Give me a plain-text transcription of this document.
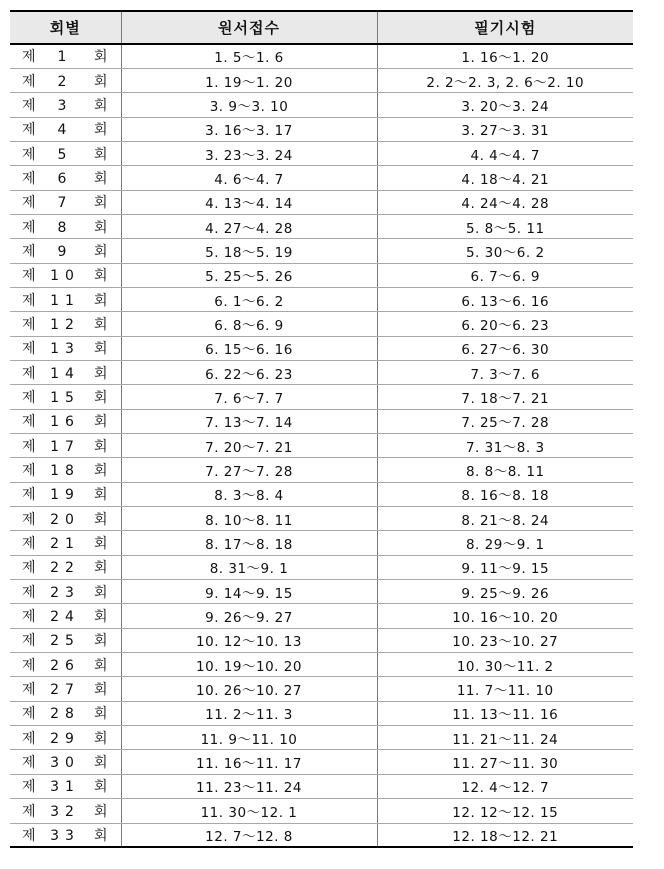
회별	원서접수	필기시험
제 1 회	1. 5～1. 6	1. 16～1. 20
제 2 회	1. 19～1. 20	2. 2～2. 3, 2. 6～2. 10
제 3 회	3. 9～3. 10	3. 20～3. 24
제 4 회	3. 16～3. 17	3. 27～3. 31
제 5 회	3. 23～3. 24	4. 4～4. 7
제 6 회	4. 6～4. 7	4. 18～4. 21
제 7 회	4. 13～4. 14	4. 24～4. 28
제 8 회	4. 27～4. 28	5. 8～5. 11
제 9 회	5. 18～5. 19	5. 30～6. 2
제 10 회	5. 25～5. 26	6. 7～6. 9
제 11 회	6. 1～6. 2	6. 13～6. 16
제 12 회	6. 8～6. 9	6. 20～6. 23
제 13 회	6. 15～6. 16	6. 27～6. 30
제 14 회	6. 22～6. 23	7. 3～7. 6
제 15 회	7. 6～7. 7	7. 18～7. 21
제 16 회	7. 13～7. 14	7. 25～7. 28
제 17 회	7. 20～7. 21	7. 31～8. 3
제 18 회	7. 27～7. 28	8. 8～8. 11
제 19 회	8. 3～8. 4	8. 16～8. 18
제 20 회	8. 10～8. 11	8. 21～8. 24
제 21 회	8. 17～8. 18	8. 29～9. 1
제 22 회	8. 31～9. 1	9. 11～9. 15
제 23 회	9. 14～9. 15	9. 25～9. 26
제 24 회	9. 26～9. 27	10. 16～10. 20
제 25 회	10. 12～10. 13	10. 23～10. 27
제 26 회	10. 19～10. 20	10. 30～11. 2
제 27 회	10. 26～10. 27	11. 7～11. 10
제 28 회	11. 2～11. 3	11. 13～11. 16
제 29 회	11. 9～11. 10	11. 21～11. 24
제 30 회	11. 16～11. 17	11. 27～11. 30
제 31 회	11. 23～11. 24	12. 4～12. 7
제 32 회	11. 30～12. 1	12. 12～12. 15
제 33 회	12. 7～12. 8	12. 18～12. 21
